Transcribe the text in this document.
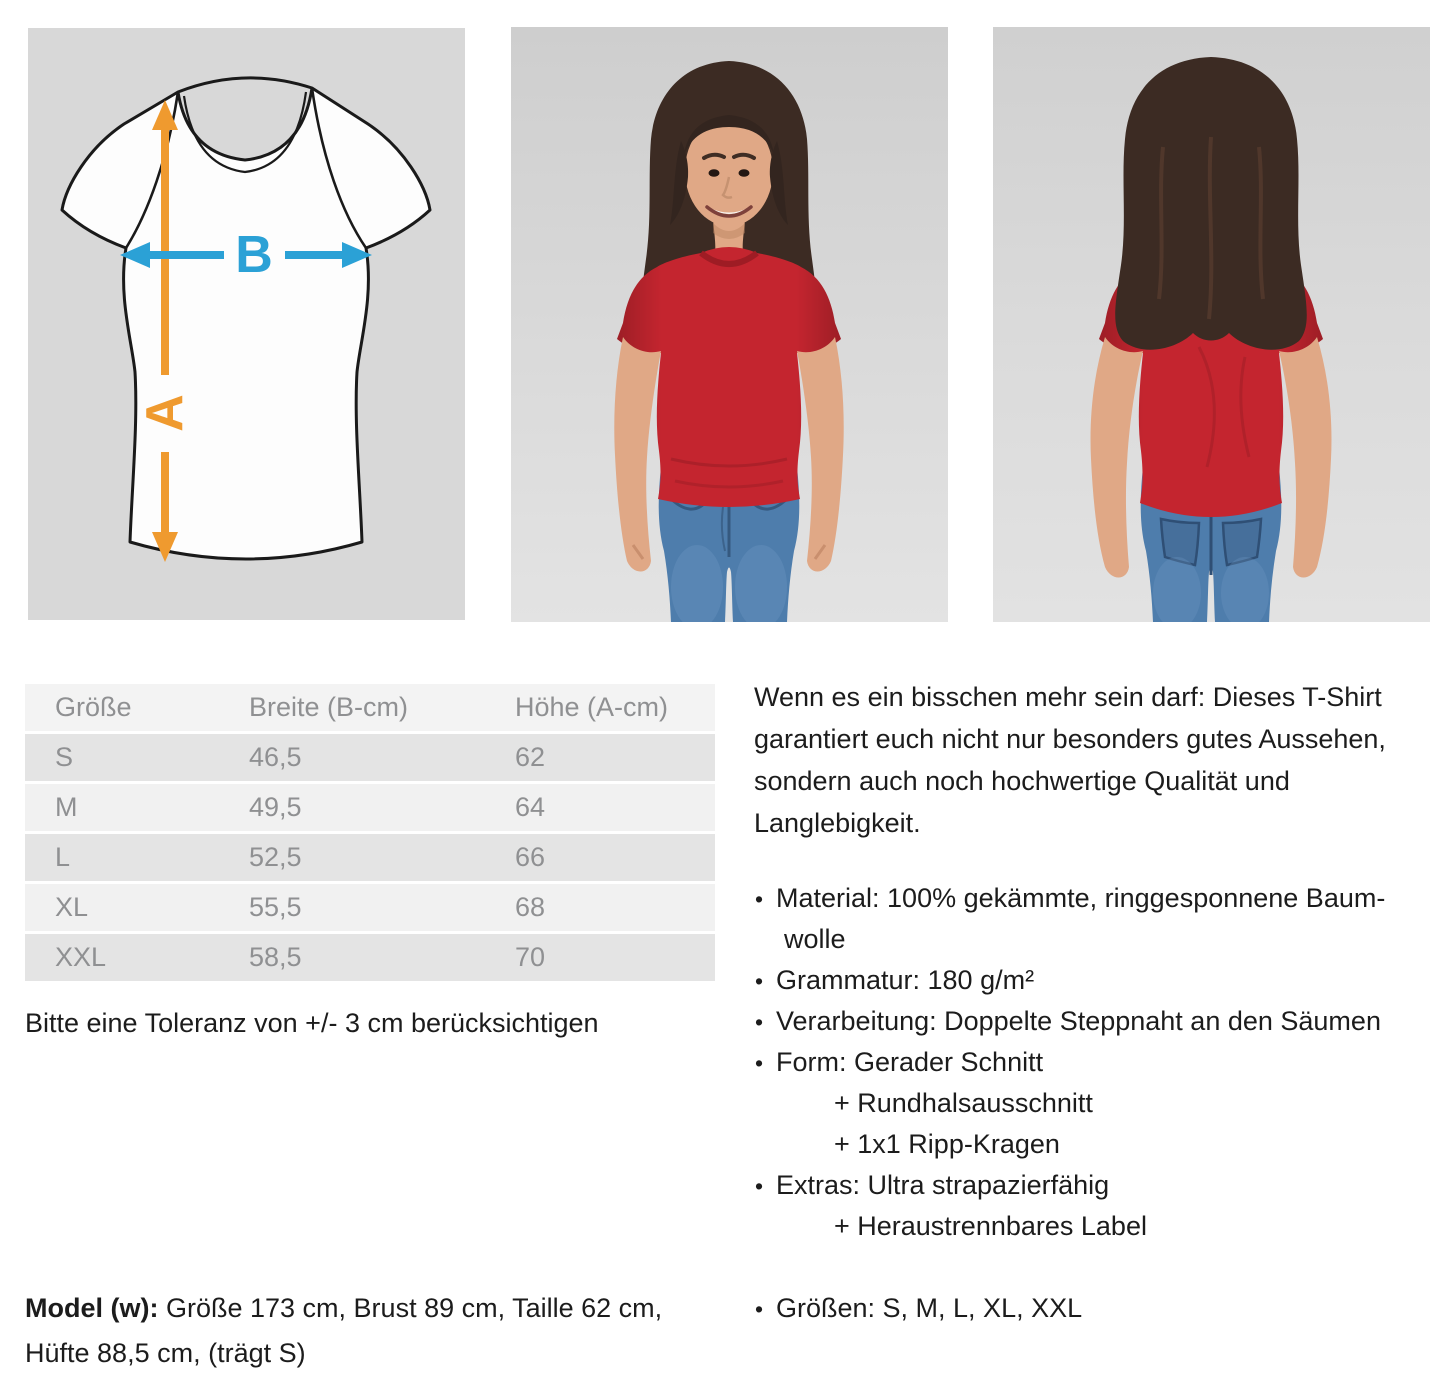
A
B
Größe	Breite (B-cm)	Höhe (A-cm)
S	46,5	62
M	49,5	64
L	52,5	66
XL	55,5	68
XXL	58,5	70
Bitte eine Toleranz von +/- 3 cm berücksichtigen
Model (w): Größe 173 cm, Brust 89 cm, Taille 62 cm, Hüfte 88,5 cm, (trägt S)

Wenn es ein bisschen mehr sein darf: Dieses T-Shirt garantiert euch nicht nur besonders gutes Aussehen, sondern auch noch hochwertige Qualität und Langlebigkeit.

• Material: 100% gekämmte, ringgesponnene Baum-
wolle
• Grammatur: 180 g/m²
• Verarbeitung: Doppelte Steppnaht an den Säumen
• Form: Gerader Schnitt
+ Rundhalsausschnitt
+ 1x1 Ripp-Kragen
• Extras: Ultra strapazierfähig
+ Heraustrennbares Label
• Größen: S, M, L, XL, XXL
